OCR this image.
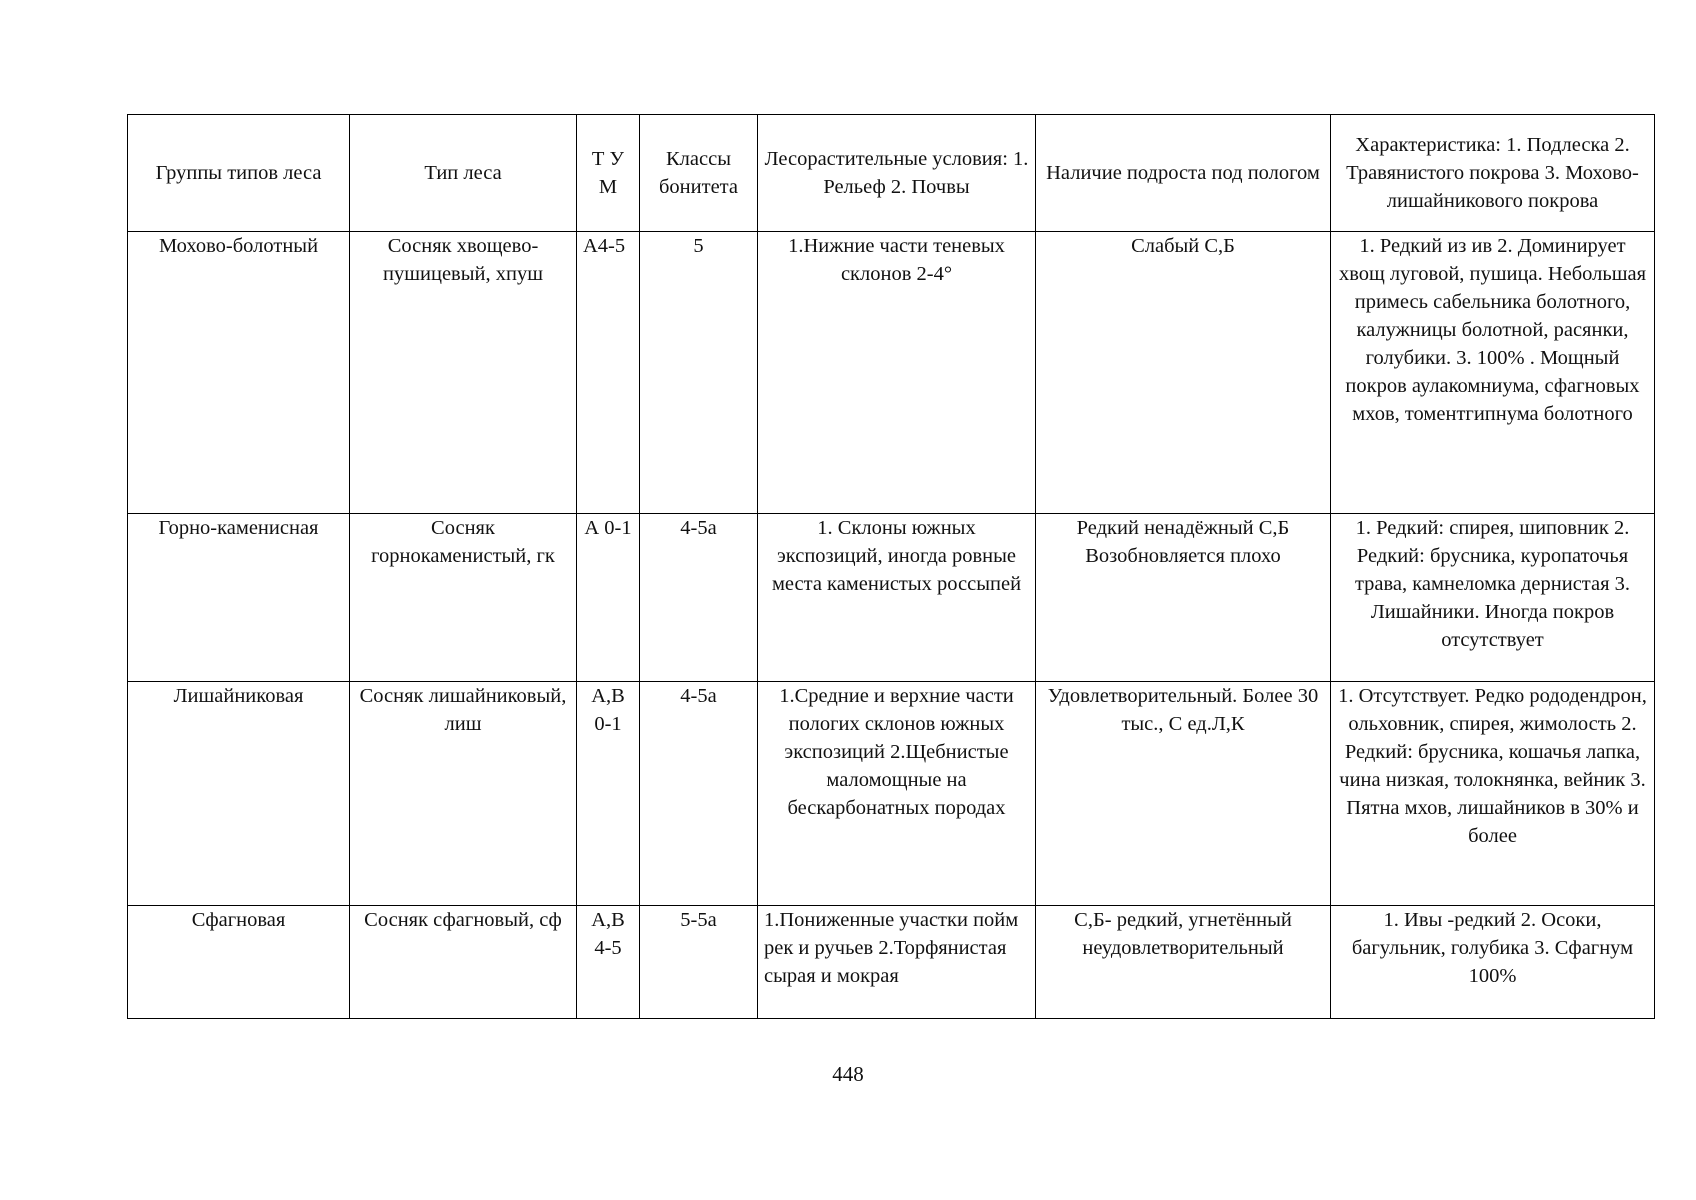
Группы типов леса	Тип леса	Т У М	Классы бонитета	Лесорастительные условия: 1. Рельеф 2. Почвы	Наличие подроста под пологом	Характеристика: 1. Подлеска 2. Травянистого покрова 3. Мохово-лишайникового покрова
Мохово-болотный	Сосняк хвощево-пушицевый, хпуш	А4-5	5	1.Нижние части теневых склонов 2-4°	Слабый С,Б	1. Редкий из ив 2. Доминирует хвощ луговой, пушица. Небольшая примесь сабельника болотного, калужницы болотной, расянки, голубики. 3. 100% . Мощный покров аулакомниума, сфагновых мхов, томентгипнума болотного
Горно-каменисная	Сосняк горнокаменистый, гк	А 0-1	4-5а	1. Склоны южных экспозиций, иногда ровные места каменистых россыпей	Редкий ненадёжный С,Б Возобновляется плохо	1. Редкий: спирея, шиповник 2. Редкий: брусника, куропаточья трава, камнеломка дернистая 3. Лишайники. Иногда покров отсутствует
Лишайниковая	Сосняк лишайниковый, лиш	А,В 0-1	4-5а	1.Средние и верхние части пологих склонов южных экспозиций 2.Щебнистые маломощные на бескарбонатных породах	Удовлетворительный. Более 30 тыс., С ед.Л,К	1. Отсутствует. Редко рододендрон, ольховник, спирея, жимолость 2. Редкий: брусника, кошачья лапка, чина низкая, толокнянка, вейник 3. Пятна мхов, лишайников в 30% и более
Сфагновая	Сосняк сфагновый, сф	А,В 4-5	5-5а	1.Пониженные участки пойм рек и ручьев 2.Торфянистая сырая и мокрая	С,Б- редкий, угнетённый неудовлетворительный	1. Ивы -редкий 2. Осоки, багульник, голубика 3. Сфагнум 100%
448
